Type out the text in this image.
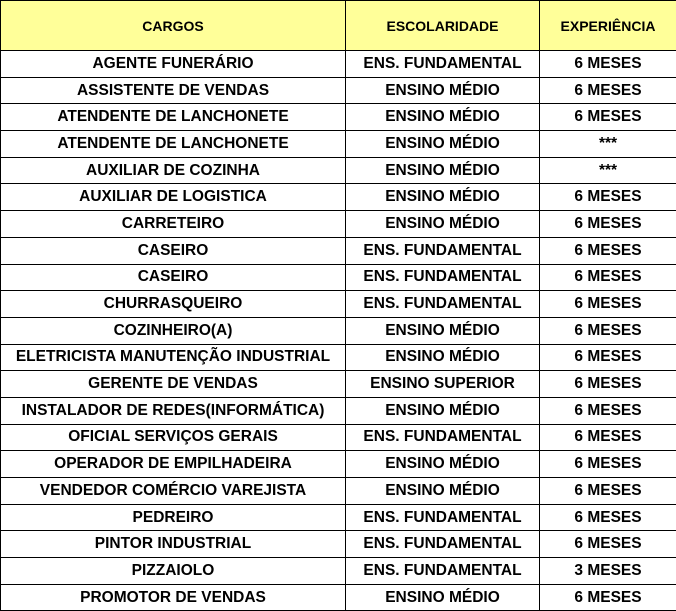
CARGOS	ESCOLARIDADE	EXPERIÊNCIA
AGENTE FUNERÁRIO	ENS. FUNDAMENTAL	6 MESES
ASSISTENTE DE VENDAS	ENSINO MÉDIO	6 MESES
ATENDENTE DE LANCHONETE	ENSINO MÉDIO	6 MESES
ATENDENTE DE LANCHONETE	ENSINO MÉDIO	***
AUXILIAR DE COZINHA	ENSINO MÉDIO	***
AUXILIAR DE LOGISTICA	ENSINO MÉDIO	6 MESES
CARRETEIRO	ENSINO MÉDIO	6 MESES
CASEIRO	ENS. FUNDAMENTAL	6 MESES
CASEIRO	ENS. FUNDAMENTAL	6 MESES
CHURRASQUEIRO	ENS. FUNDAMENTAL	6 MESES
COZINHEIRO(A)	ENSINO MÉDIO	6 MESES
ELETRICISTA MANUTENÇÃO INDUSTRIAL	ENSINO MÉDIO	6 MESES
GERENTE DE VENDAS	ENSINO SUPERIOR	6 MESES
INSTALADOR DE REDES(INFORMÁTICA)	ENSINO MÉDIO	6 MESES
OFICIAL SERVIÇOS GERAIS	ENS. FUNDAMENTAL	6 MESES
OPERADOR DE EMPILHADEIRA	ENSINO MÉDIO	6 MESES
VENDEDOR COMÉRCIO VAREJISTA	ENSINO MÉDIO	6 MESES
PEDREIRO	ENS. FUNDAMENTAL	6 MESES
PINTOR INDUSTRIAL	ENS. FUNDAMENTAL	6 MESES
PIZZAIOLO	ENS. FUNDAMENTAL	3 MESES
PROMOTOR DE VENDAS	ENSINO MÉDIO	6 MESES
